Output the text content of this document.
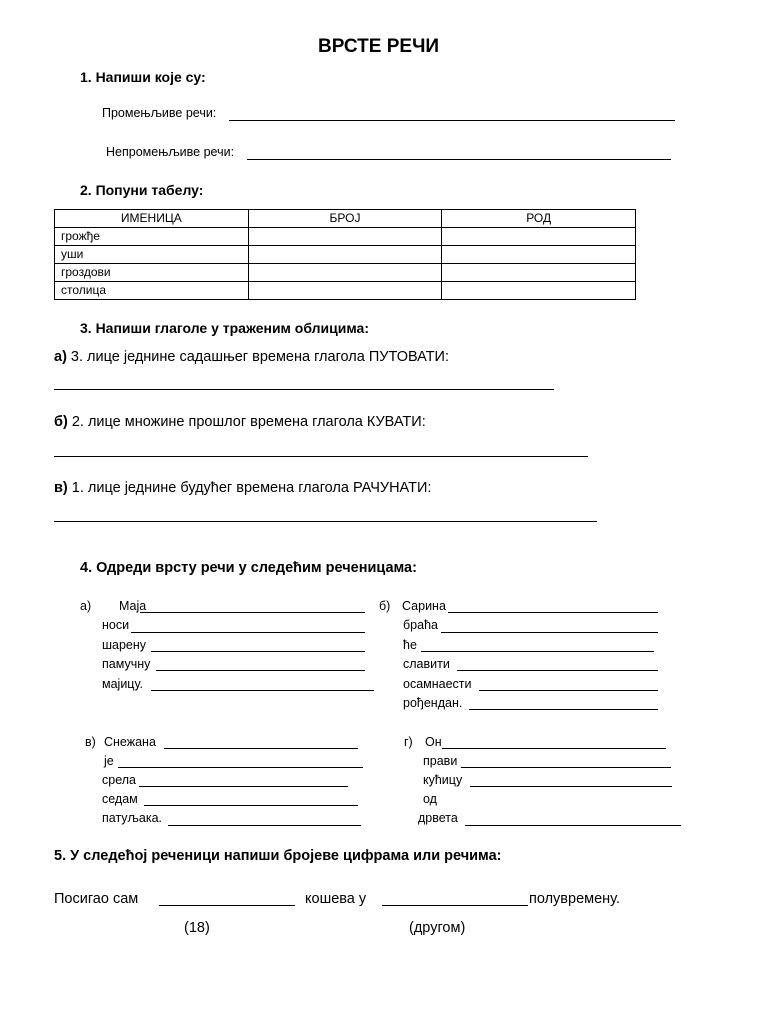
ВРСТЕ РЕЧИ
1. Напиши које су:
Промењљиве речи:
Непромењљиве речи:
2. Попуни табелу:
ИМЕНИЦА	БРОЈ	РОД
грожђе		
уши		
гроздови		
столица		
3. Напиши глаголе у траженим облицима:
а) 3. лице једнине садашњег времена глагола ПУТОВАТИ:
б) 2. лице множине прошлог времена глагола КУВАТИ:
в) 1. лице једнине будућег времена глагола РАЧУНАТИ:
4. Одреди врсту речи у следећим реченицама:
а) Маја
носи
шарену
памучну
мајицу.
б) Сарина
браћа
ће
славити
осамнаести
рођендан.
в) Снежана
је
срела
седам
патуљака.
г) Он
прави
кућицу
од
дрвета
5. У следећој реченици напиши бројеве цифрама или речима:
Посигао сам	кошева у	полувремену.
(18)	(другом)
